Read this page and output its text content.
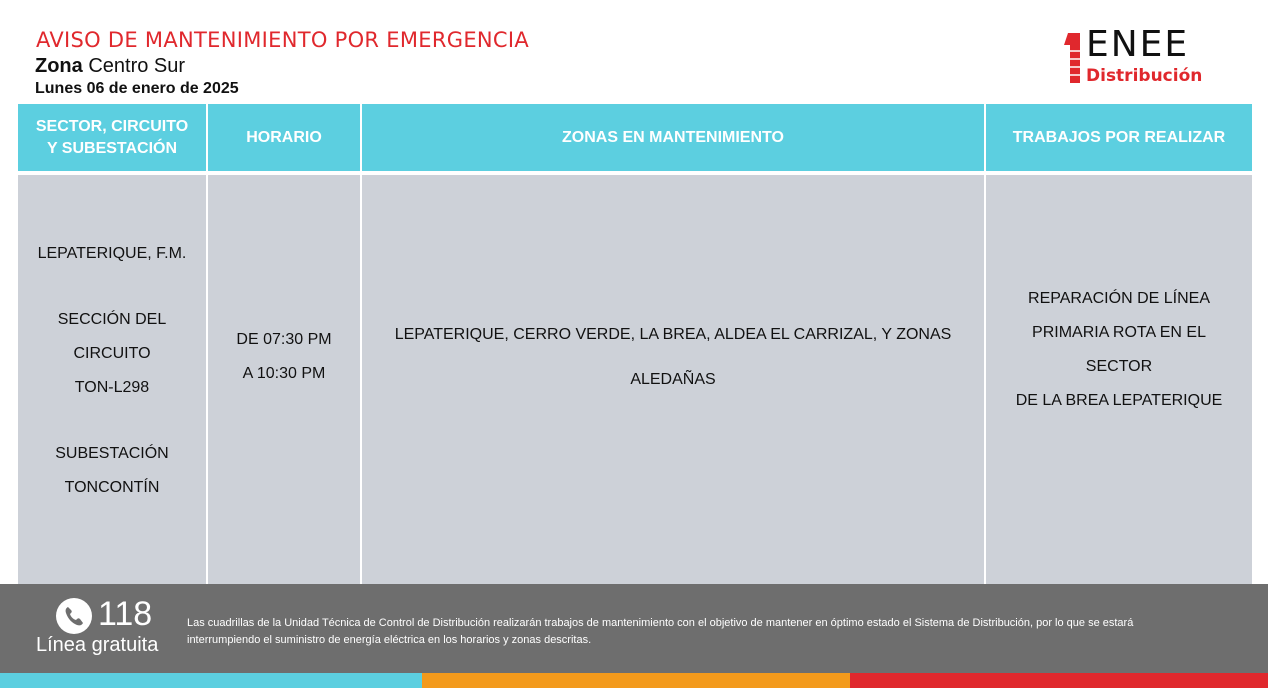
AVISO DE MANTENIMIENTO POR EMERGENCIA
Zona Centro Sur
Lunes 06 de enero de 2025
ENEE
Distribución
SECTOR, CIRCUITO Y SUBESTACIÓN
HORARIO	ZONAS EN MANTENIMIENTO	TRABAJOS POR REALIZAR
LEPATERIQUE, F.M.
SECCIÓN DEL
CIRCUITO
TON-L298
SUBESTACIÓN
TONCONTÍN
DE 07:30 PM
A 10:30 PM
LEPATERIQUE, CERRO VERDE, LA BREA, ALDEA EL CARRIZAL, Y ZONAS
ALEDAÑAS
REPARACIÓN DE LÍNEA
PRIMARIA ROTA EN EL SECTOR
DE LA BREA LEPATERIQUE
118
Línea gratuita
Las cuadrillas de la Unidad Técnica de Control de Distribución realizarán trabajos de mantenimiento con el objetivo de mantener en óptimo estado el Sistema de Distribución, por lo que se estará
interrumpiendo el suministro de energía eléctrica en los horarios y zonas descritas.
